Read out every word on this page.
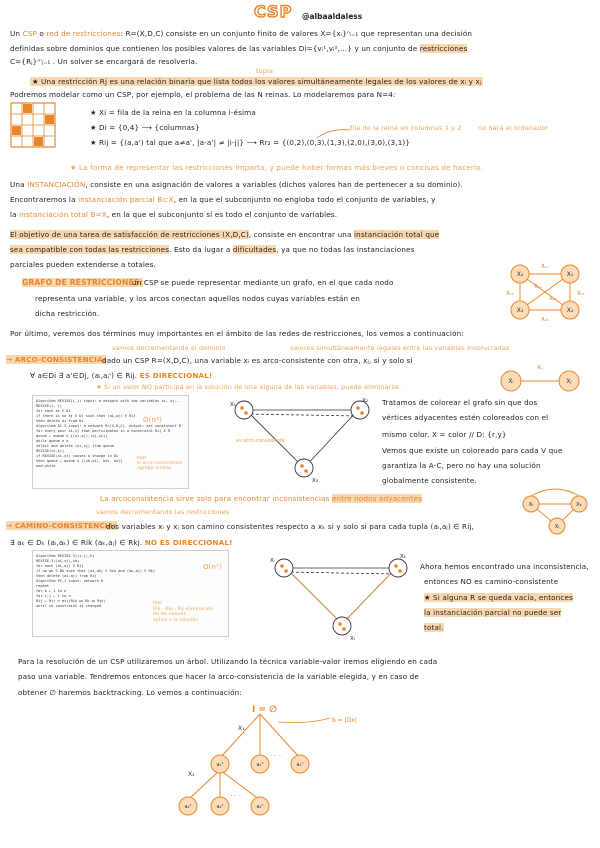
CSP @albaaldaless
Un CSP o red de restricciones: R=(X,D,C) consiste en un conjunto finito de valores X={xᵢ}ⁿᵢ₌₁ que representan una decisión
definidas sobre dominios que contienen los posibles valores de las variables Di={vᵢ¹,vᵢ²,...} y un conjunto de restricciones
C={Rⱼ}ᵐⱼ₌₁ . Un solver se encargará de resolverla.
tupla
★ Una restricción Rj es una relación binaria que lista todos los valores simultáneamente legales de los valores de xᵢ y xⱼ
Podremos modelar como un CSP, por ejemplo, el problema de las N reinas. Lo modelaremos para N=4:
★ Xi = fila de la reina en la columna i-ésima
★ Di = {0,4} ⟶ {columnas}
★ Rij = {(a,a') tal que a≠a', |a-a'| ≠ |i-j|} ⟶ Rr₂ = {(0,2),(0,3),(1,3),(2,0),(3,0),(3,1)}
fila de la reina en columnas 1 y 2	no hará el ordenador
★ La forma de representar las restricciones importa, y puede haber formas más breves o concisas de hacerlo.
Una INSTANCIACIÓN, consiste en una asignación de valores a variables (dichos valores han de pertenecer a su dominio).
Encontraremos la instanciación parcial B⊂X, en la que el subconjunto no engloba todo el conjunto de variables, y
la instanciación total B=X, en la que el subconjunto sí es todo el conjunto de variables.
El objetivo de una tarea de satisfacción de restricciones (X,D,C), consiste en encontrar una instanciación total que
sea compatible con todas las restricciones. Esto da lugar a dificultades, ya que no todas las instanciaciones
parciales pueden extenderse a totales.
GRAFO DE RESTRICCIONES:
un CSP se puede representar mediante un grafo, en el que cada nodo
representa una variable, y los arcos conectan aquellos nodos cuyas variables están en
dicha restricción.
X₂	X₁
X₃	X₄
R₁₂
R₁₃	R₂₄
R₃₄
R₁₄
R₂₃
Por último, veremos dos términos muy importantes en el ámbito de las redes de restricciones, los vemos a continuación:
vamos decrementando el dominio	valores simultáneamente legales entre las variables involucradas
→ ARCO-CONSISTENCIA:
dado un CSP R=(X,D,C), una variable xᵢ es arco-consistente con otra, xⱼ, si y solo si
∀ a∈Di ∃ a'∈Dj, (aᵢ,aⱼ') ∈ Rij. ES DIRECCIONAL!
★ Si un valor NO participa en la solución de una alguna de las variables, puede eliminarse.
Xᵢ	Xⱼ
Rᵢⱼ
Algorithm REVISE(i,j) input: a network with two variables xi, xj...
REVISE(i, j)
for each ai ∈ Di
if there is no aj ∈ Dj such that (ai,aj) ∈ Rij
then delete ai from Di
Algorithm AC-3 input: a network R=(X,D,C), output: arc consistent R'
for every pair xi,xj that participates in a constraint Rij ∈ R
queue ← queue ∪ {(xi,xj),(xj,xi)}
while queue ≠ ∅
select and delete (xi,xj) from queue
REVISE(xi,xj)
if REVISE(xi,xj) causes a change in Di
then queue ← queue ∪ {(xk,xi), k≠i, k≠j}
end-while
O(n²)
test
si arco-consistente
agrega aristas
X₁
X₂
X₃
es arco-consistente
Tratamos de colorear el grafo sin que dos
vértices adyacentes estén coloreados con el
mismo color. X = color // D: {r,y}
Vemos que existe un coloreado para cada V que
garantiza la A-C, pero no hay una solución
globalmente consistente.
La arcoconsistencia sirve solo para encontrar inconsistencias entre nodos adyacentes
Xᵢ	Xₖ
Xⱼ
vamos decrementando las restricciones
→ CAMINO-CONSISTENCIA:
dos variables xᵢ y xⱼ son camino consistentes respecto a xₖ si y solo si para cada tupla (aᵢ,aⱼ) ∈ Rij,
∃ aₖ ∈ Dₖ (aᵢ,aₖ) ∈ Rik (aₖ,aⱼ) ∈ Rkj. NO ES DIRECCIONAL!
Algorithm REVISE-3((i,j),k)
REVISE-3((xi,xj),xk)
for each (ai,aj) ∈ Rij
if no ak ∈ Dk such that (ai,ak) ∈ Rik and (ak,aj) ∈ Rkj
then delete (ai,aj) from Rij
Algorithm PC-1 input: network R
repeat
for k ← 1 to n
for i,j ← 1 to n
Rij ← Rij ∩ πij(Rik ⋈ Dk ⋈ Rkj)
until no constraint is changed
O(n³)
test
Rik - Rkj - Rij eliminación
de los valores
aplica a la relación
Xᵢ
Xₖ
Xⱼ
Ahora hemos encontrado una inconsistencia,
entonces NO es camino-consistente
★ Si alguna R se queda vacía, entonces
la instanciación parcial no puede ser
total.
Para la resolución de un CSP utilizaremos un árbol. Utilizando la técnica variable-valor iremos eligiendo en cada
paso una variable. Tendremos entonces que hacer la arco-consistencia de la variable elegida, y en caso de
obtener ∅ haremos backtracking. Lo vemos a continuación:
I = ∅
X₁
X₂
b = |Dx|
a₁¹	a₁²	a₁ⁿ
a₂¹	a₂²	a₂ⁿ
. . .
. . .
